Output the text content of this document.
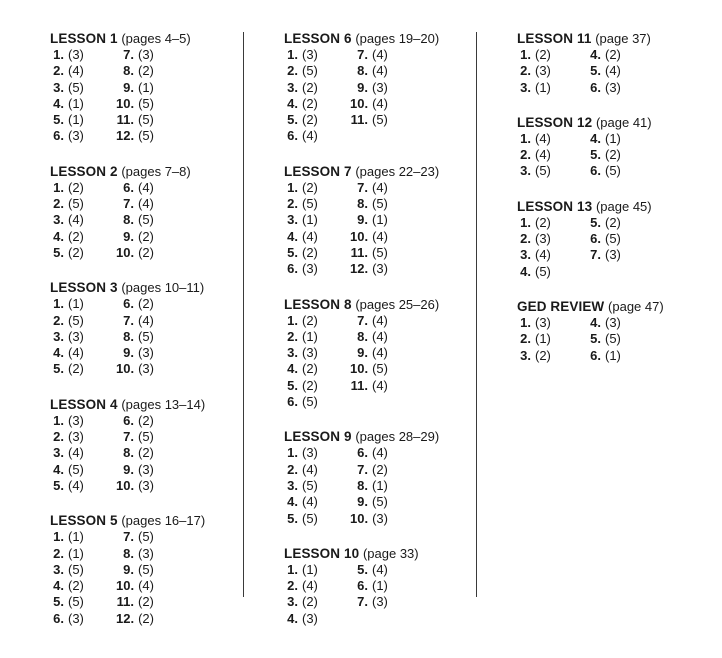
LESSON 1 (pages 4–5)
1. (3)
2. (4)
3. (5)
4. (1)
5. (1)
6. (3)
7. (3)
8. (2)
9. (1)
10. (5)
11. (5)
12. (5)
LESSON 2 (pages 7–8)
1. (2)
2. (5)
3. (4)
4. (2)
5. (2)
6. (4)
7. (4)
8. (5)
9. (2)
10. (2)
LESSON 3 (pages 10–11)
1. (1)
2. (5)
3. (3)
4. (4)
5. (2)
6. (2)
7. (4)
8. (5)
9. (3)
10. (3)
LESSON 4 (pages 13–14)
1. (3)
2. (3)
3. (4)
4. (5)
5. (4)
6. (2)
7. (5)
8. (2)
9. (3)
10. (3)
LESSON 5 (pages 16–17)
1. (1)
2. (1)
3. (5)
4. (2)
5. (5)
6. (3)
7. (5)
8. (3)
9. (5)
10. (4)
11. (2)
12. (2)
LESSON 6 (pages 19–20)
1. (3)
2. (5)
3. (2)
4. (2)
5. (2)
6. (4)
7. (4)
8. (4)
9. (3)
10. (4)
11. (5)
LESSON 7 (pages 22–23)
1. (2)
2. (5)
3. (1)
4. (4)
5. (2)
6. (3)
7. (4)
8. (5)
9. (1)
10. (4)
11. (5)
12. (3)
LESSON 8 (pages 25–26)
1. (2)
2. (1)
3. (3)
4. (2)
5. (2)
6. (5)
7. (4)
8. (4)
9. (4)
10. (5)
11. (4)
LESSON 9 (pages 28–29)
1. (3)
2. (4)
3. (5)
4. (4)
5. (5)
6. (4)
7. (2)
8. (1)
9. (5)
10. (3)
LESSON 10 (page 33)
1. (1)
2. (4)
3. (2)
4. (3)
5. (4)
6. (1)
7. (3)
LESSON 11 (page 37)
1. (2)
2. (3)
3. (1)
4. (2)
5. (4)
6. (3)
LESSON 12 (page 41)
1. (4)
2. (4)
3. (5)
4. (1)
5. (2)
6. (5)
LESSON 13 (page 45)
1. (2)
2. (3)
3. (4)
4. (5)
5. (2)
6. (5)
7. (3)
GED REVIEW (page 47)
1. (3)
2. (1)
3. (2)
4. (3)
5. (5)
6. (1)
